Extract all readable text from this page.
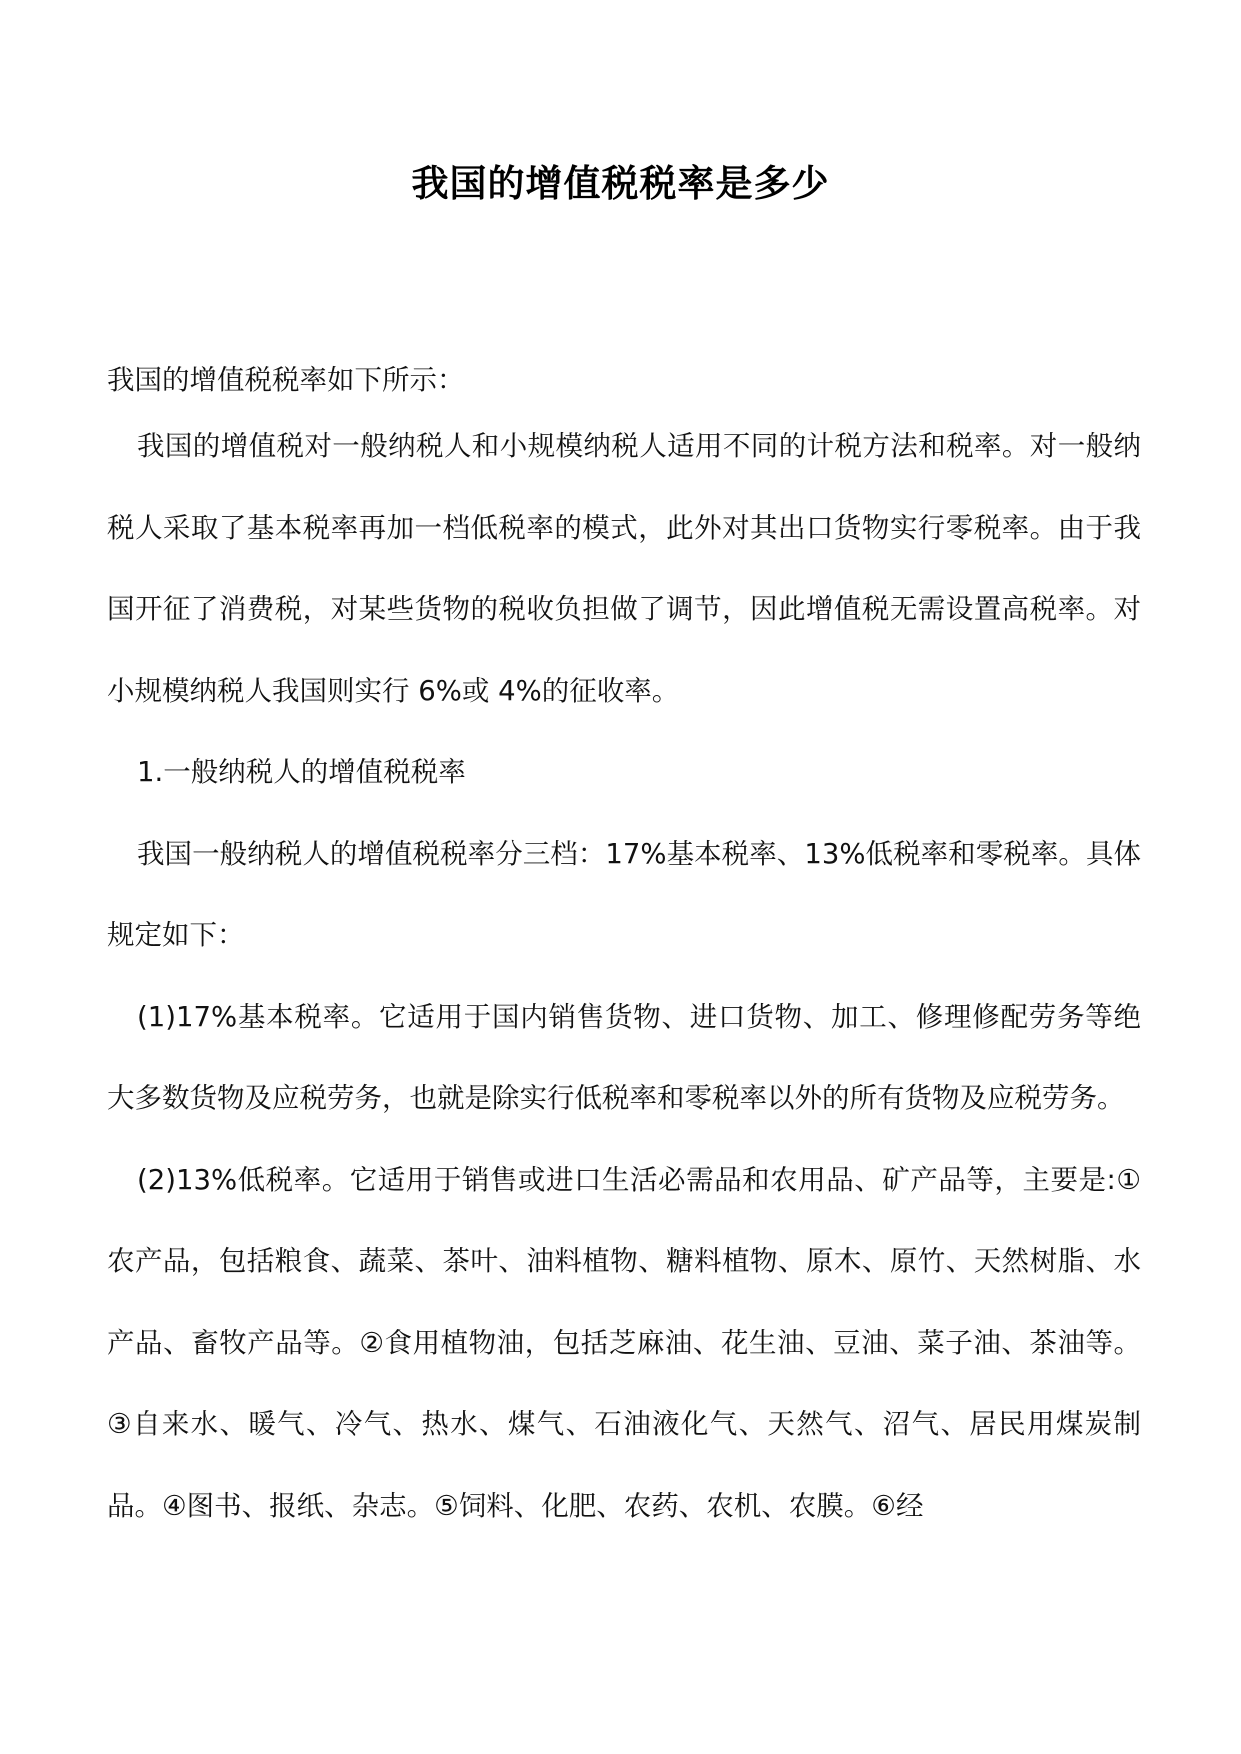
我国的增值税税率是多少

我国的增值税税率如下所示：

我国的增值税对一般纳税人和小规模纳税人适用不同的计税方法和税率。对一般纳税人采取了基本税率再加一档低税率的模式，此外对其出口货物实行零税率。由于我国开征了消费税，对某些货物的税收负担做了调节，因此增值税无需设置高税率。对小规模纳税人我国则实行 6%或 4%的征收率。

1.一般纳税人的增值税税率

我国一般纳税人的增值税税率分三档：17%基本税率、13%低税率和零税率。具体规定如下：

(1)17%基本税率。它适用于国内销售货物、进口货物、加工、修理修配劳务等绝大多数货物及应税劳务，也就是除实行低税率和零税率以外的所有货物及应税劳务。

(2)13%低税率。它适用于销售或进口生活必需品和农用品、矿产品等，主要是:①农产品，包括粮食、蔬菜、茶叶、油料植物、糖料植物、原木、原竹、天然树脂、水产品、畜牧产品等。②食用植物油，包括芝麻油、花生油、豆油、菜子油、茶油等。③自来水、暖气、冷气、热水、煤气、石油液化气、天然气、沼气、居民用煤炭制品。④图书、报纸、杂志。⑤饲料、化肥、农药、农机、农膜。⑥经
